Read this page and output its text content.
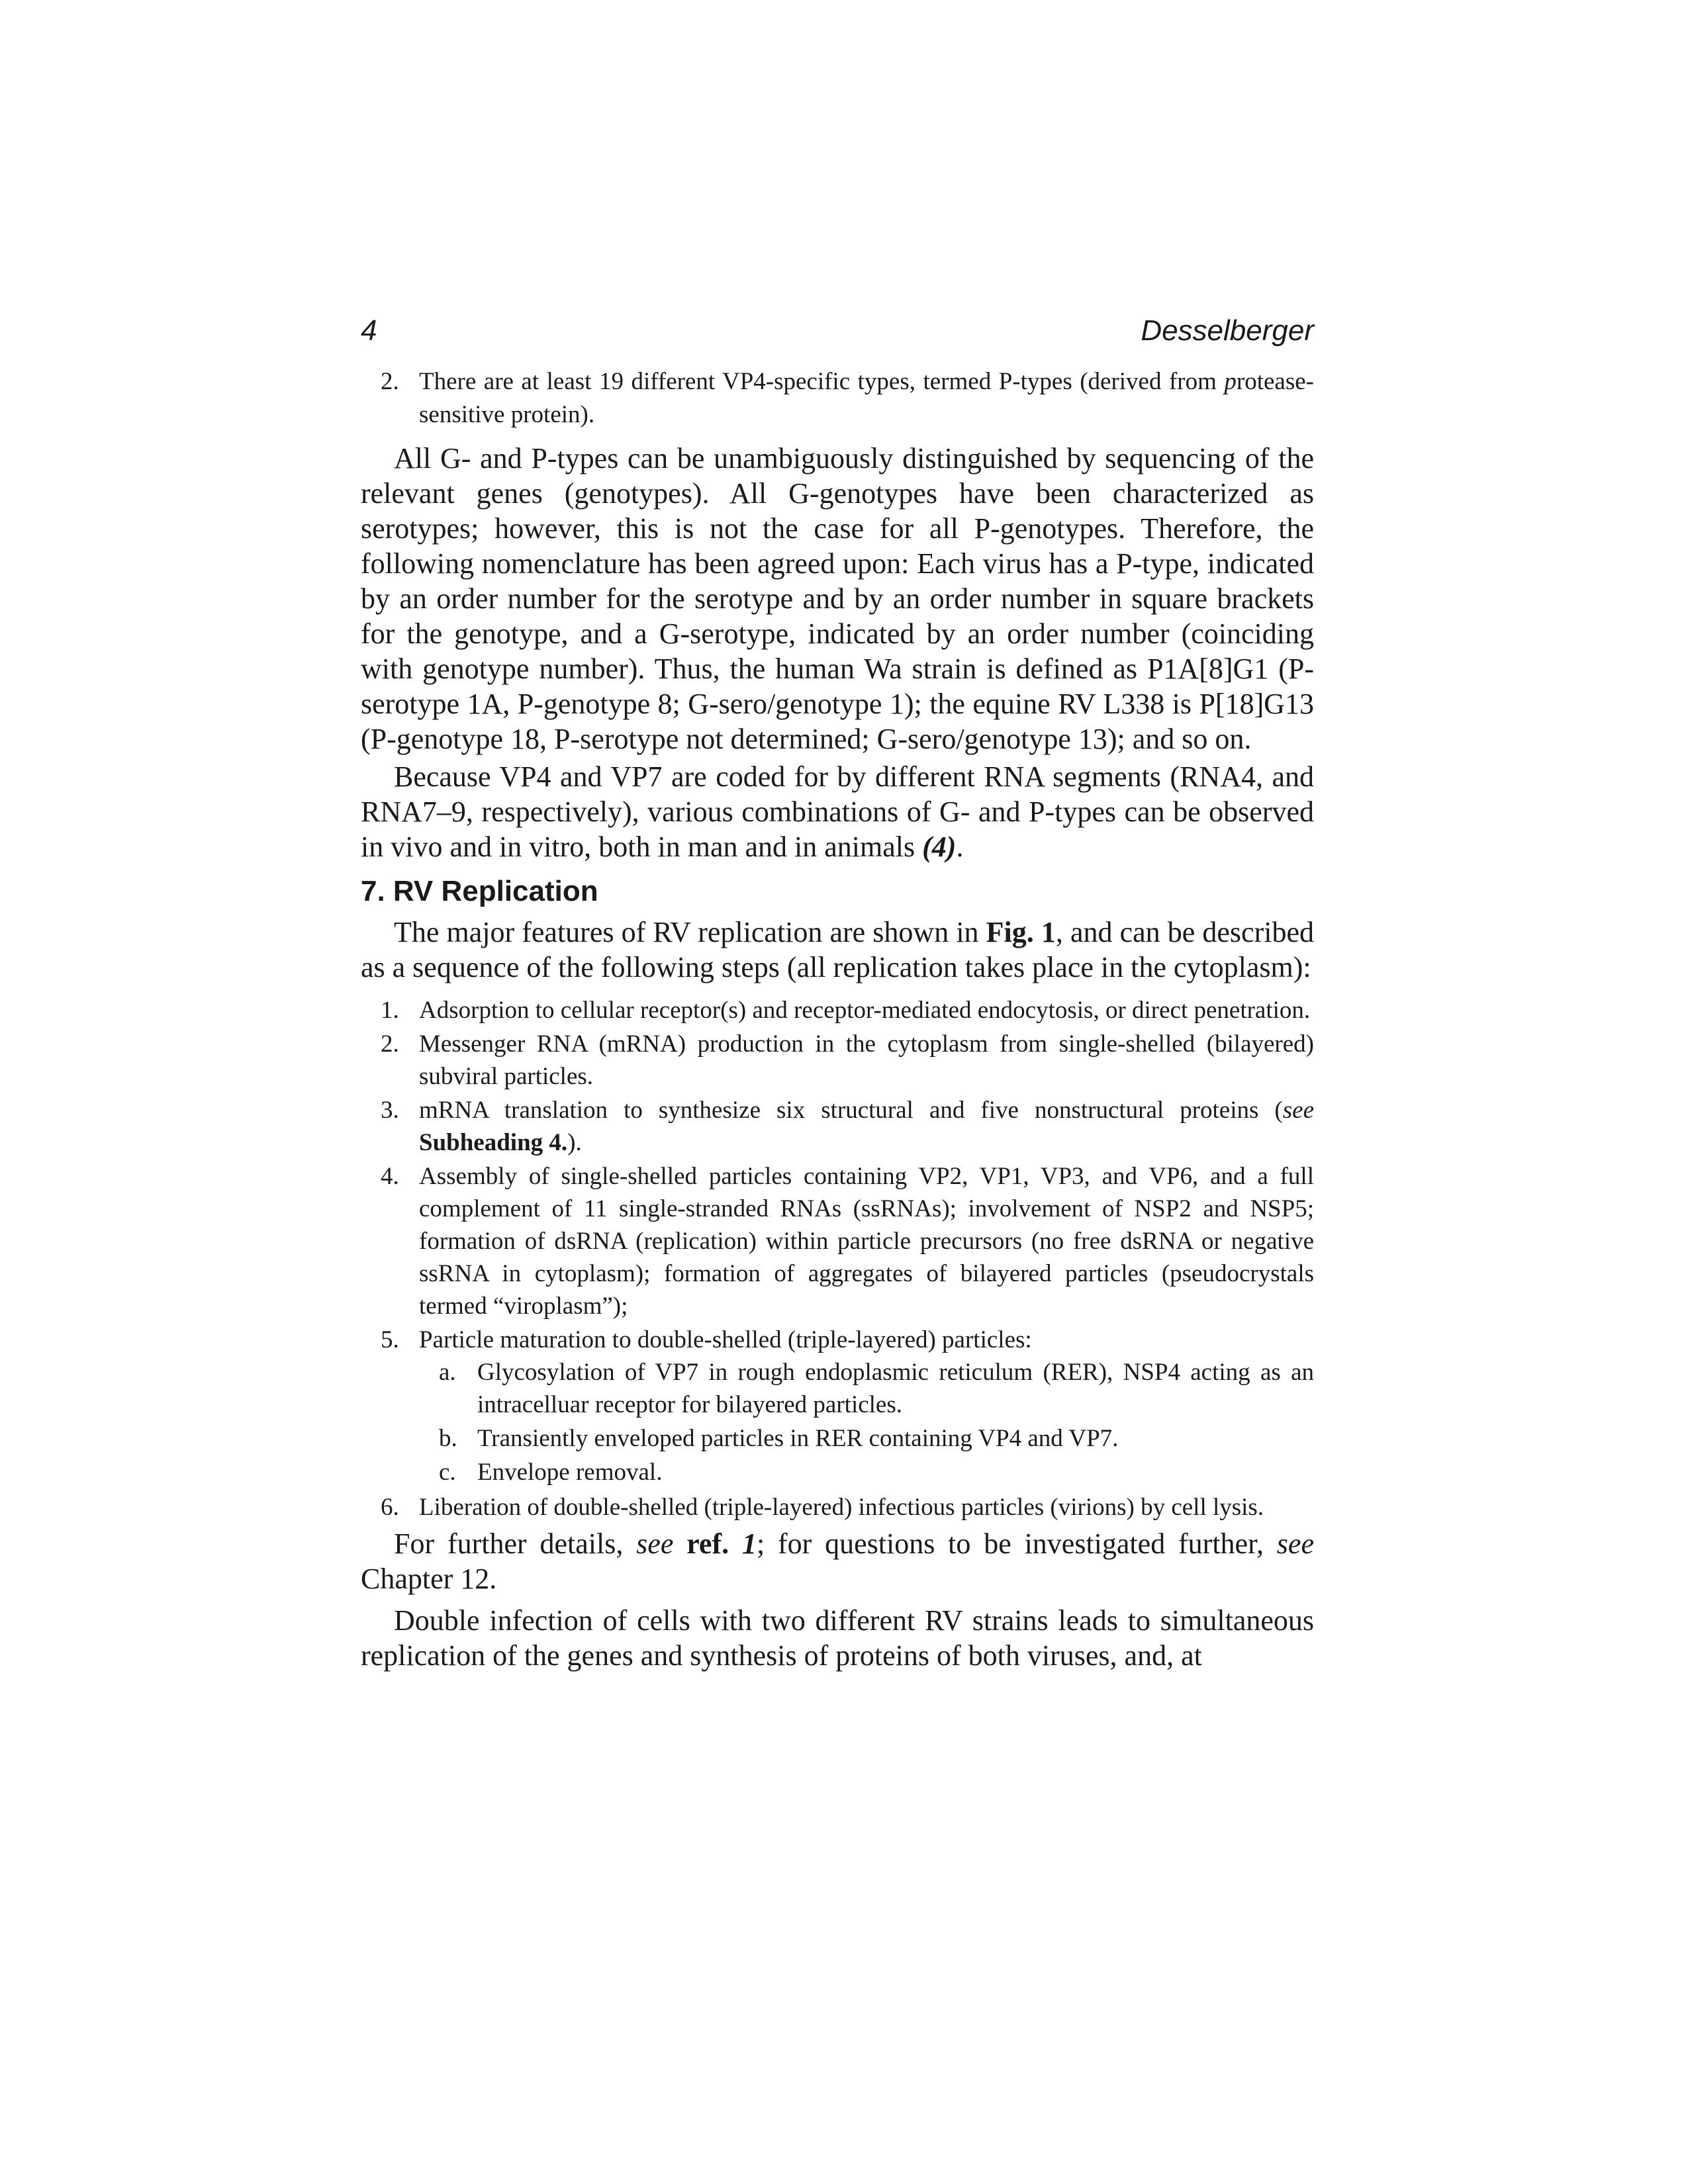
4	Desselberger
2. There are at least 19 different VP4-specific types, termed P-types (derived from protease-sensitive protein).

All G- and P-types can be unambiguously distinguished by sequencing of the relevant genes (genotypes). All G-genotypes have been characterized as serotypes; however, this is not the case for all P-genotypes. Therefore, the following nomenclature has been agreed upon: Each virus has a P-type, indicated by an order number for the serotype and by an order number in square brackets for the genotype, and a G-serotype, indicated by an order number (coinciding with genotype number). Thus, the human Wa strain is defined as P1A[8]G1 (P-serotype 1A, P-genotype 8; G-sero/genotype 1); the equine RV L338 is P[18]G13 (P-genotype 18, P-serotype not determined; G-sero/genotype 13); and so on.

Because VP4 and VP7 are coded for by different RNA segments (RNA4, and RNA7–9, respectively), various combinations of G- and P-types can be observed in vivo and in vitro, both in man and in animals (4).

7. RV Replication

The major features of RV replication are shown in Fig. 1, and can be described as a sequence of the following steps (all replication takes place in the cytoplasm):

1. Adsorption to cellular receptor(s) and receptor-mediated endocytosis, or direct penetration.
2. Messenger RNA (mRNA) production in the cytoplasm from single-shelled (bilayered) subviral particles.
3. mRNA translation to synthesize six structural and five nonstructural proteins (see Subheading 4.).
4. Assembly of single-shelled particles containing VP2, VP1, VP3, and VP6, and a full complement of 11 single-stranded RNAs (ssRNAs); involvement of NSP2 and NSP5; formation of dsRNA (replication) within particle precursors (no free dsRNA or negative ssRNA in cytoplasm); formation of aggregates of bilayered particles (pseudocrystals termed “viroplasm”);
5. Particle maturation to double-shelled (triple-layered) particles:
a. Glycosylation of VP7 in rough endoplasmic reticulum (RER), NSP4 acting as an intracelluar receptor for bilayered particles.
b. Transiently enveloped particles in RER containing VP4 and VP7.
c. Envelope removal.
6. Liberation of double-shelled (triple-layered) infectious particles (virions) by cell lysis.

For further details, see ref. 1; for questions to be investigated further, see Chapter 12.

Double infection of cells with two different RV strains leads to simultaneous replication of the genes and synthesis of proteins of both viruses, and, at
